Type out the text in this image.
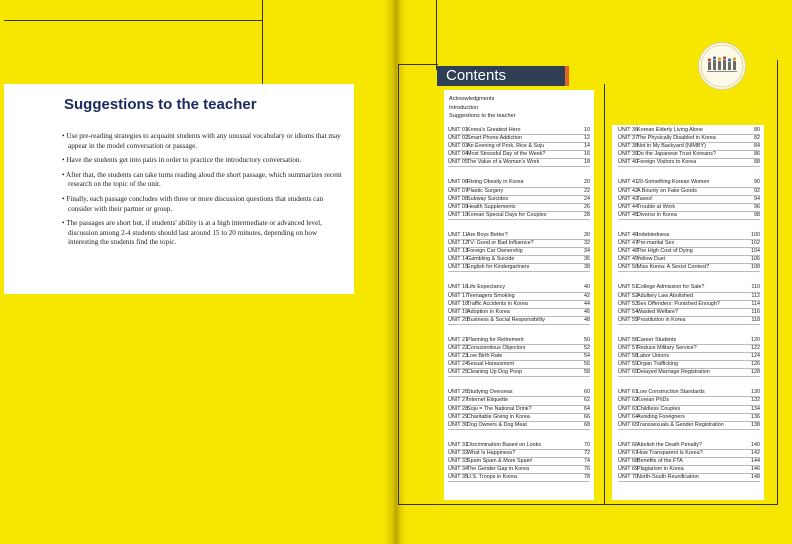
Suggestions to the teacher
• Use pre-reading strategies to acquaint students with any unusual vocabulary or idioms that may appear in the model conversation or passage.
• Have the students get into pairs in order to practice the introductory conversation.
• After that, the students can take turns reading aloud the short passage, which summarizes recent research on the topic of the unit.
• Finally, each passage concludes with three or more discussion questions that students can consider with their partner or group.
• The passages are short but, if students' ability is at a high intermediate or advanced level, discussion among 2-4 students should last around 15 to 20 minutes, depending on how interesting the students find the topic.
Contents
Acknowledgments
Introduction
Suggestions to the teacher
UNIT 01 Korea's Greatest Hero	10
UNIT 02 Smart Phone Addiction	12
UNIT 03 An Evening of Pork, Rice & Soju	14
UNIT 04 Most Stressful Day of the Week?	16
UNIT 05 The Value of a Woman's Work	18
UNIT 06 Rising Obesity in Korea	20
UNIT 07 Plastic Surgery	22
UNIT 08 Subway Suicides	24
UNIT 09 Health Supplements	26
UNIT 10 Korean Special Days for Couples	28
UNIT 11 Are Boys Better?	30
UNIT 12 TV: Good or Bad Influence?	32
UNIT 13 Foreign Car Ownership	34
UNIT 14 Gambling & Suicide	36
UNIT 15 English for Kindergartners	38
UNIT 16 Life Expectancy	40
UNIT 17 Teenagers Smoking	42
UNIT 18 Traffic Accidents in Korea	44
UNIT 19 Adoption in Korea	46
UNIT 20 Business & Social Responsibility	48
UNIT 21 Planning for Retirement	50
UNIT 22 Conscientious Objectors	52
UNIT 23 Low Birth Rate	54
UNIT 24 Sexual Harassment	56
UNIT 25 Cleaning Up Dog Poop	58
UNIT 26 Studying Overseas	60
UNIT 27 Internet Etiquette	62
UNIT 28 Soju = The National Drink?	64
UNIT 29 Charitable Giving in Korea	66
UNIT 30 Dog Owners & Dog Meat	68
UNIT 31 Discrimination Based on Looks	70
UNIT 32 What Is Happiness?	72
UNIT 33 Spam Spam & More Spam!	74
UNIT 34 The Gender Gap in Korea	76
UNIT 35 U.S. Troops in Korea	78
UNIT 36 Korean Elderly Living Alone	80
UNIT 37 The Physically Disabled in Korea	82
UNIT 38 Not in My Backyard (NIMBY)	84
UNIT 39 Do the Japanese Trust Koreans?	86
UNIT 40 Foreign Visitors to Korea	88
UNIT 41 20-Something Korean Women	90
UNIT 42 A Bounty on Fake Goods	92
UNIT 43 Taxes!	94
UNIT 44 Trouble at Work	96
UNIT 45 Divorce in Korea	98
UNIT 46 Indebtedness	100
UNIT 47 Pre-marital Sex	102
UNIT 48 The High Cost of Dying	104
UNIT 49 Yellow Dust	106
UNIT 50 Miss Korea: A Sexist Contest?	108
UNIT 51 College Admission for Sale?	110
UNIT 52 Adultery Law Abolished	112
UNIT 53 Sex Offenders: Punished Enough?	114
UNIT 54 Wasted Welfare?	116
UNIT 55 Prostitution in Korea	118
UNIT 56 Career Students	120
UNIT 57 Reduce Military Service?	122
UNIT 58 Labor Unions	124
UNIT 59 Organ Trafficking	126
UNIT 60 Delayed Marriage Registration	128
UNIT 61 Low Construction Standards	130
UNIT 62 Korean PhDs	132
UNIT 63 Childless Couples	134
UNIT 64 Avoiding Foreigners	136
UNIT 65 Transsexuals & Gender Registration	138
UNIT 66 Abolish the Death Penalty?	140
UNIT 67 How Transparent Is Korea?	142
UNIT 68 Benefits of the FTA	144
UNIT 69 Plagiarism in Korea	146
UNIT 70 North-South Reunification	148
